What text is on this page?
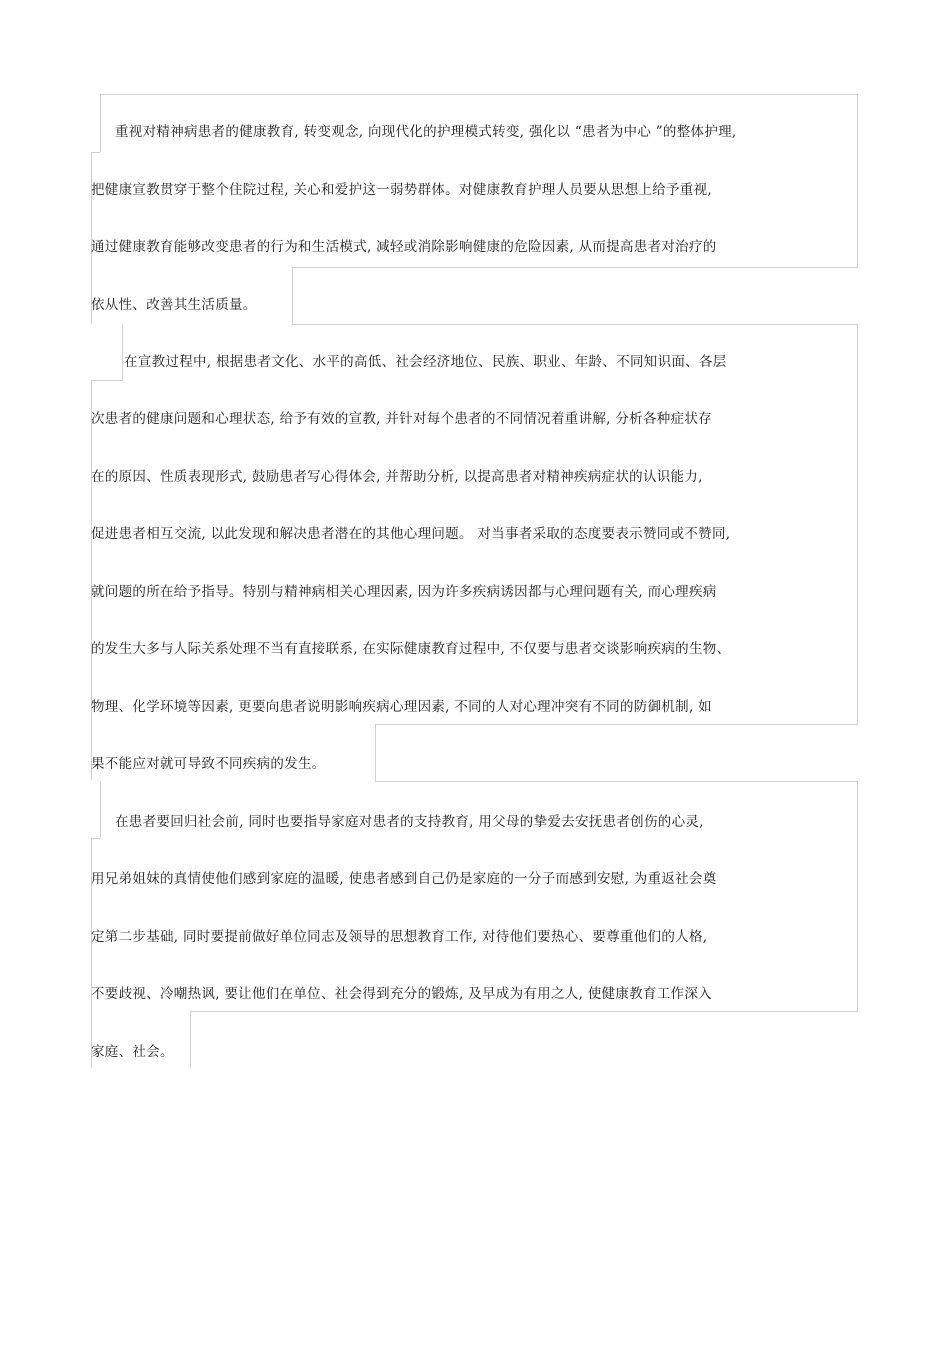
重视对精神病患者的健康教育, 转变观念, 向现代化的护理模式转变, 强化以 “患者为中心 ”的整体护理,
把健康宣教贯穿于整个住院过程, 关心和爱护这一弱势群体。对健康教育护理人员要从思想上给予重视,
通过健康教育能够改变患者的行为和生活模式, 减轻或消除影响健康的危险因素, 从而提高患者对治疗的
依从性、改善其生活质量。
在宣教过程中, 根据患者文化、水平的高低、社会经济地位、民族、职业、年龄、不同知识面、各层
次患者的健康问题和心理状态, 给予有效的宣教, 并针对每个患者的不同情况着重讲解, 分析各种症状存
在的原因、性质表现形式, 鼓励患者写心得体会, 并帮助分析, 以提高患者对精神疾病症状的认识能力,
促进患者相互交流, 以此发现和解决患者潜在的其他心理问题。 对当事者采取的态度要表示赞同或不赞同,
就问题的所在给予指导。特别与精神病相关心理因素, 因为许多疾病诱因都与心理问题有关, 而心理疾病
的发生大多与人际关系处理不当有直接联系, 在实际健康教育过程中, 不仅要与患者交谈影响疾病的生物、
物理、化学环境等因素, 更要向患者说明影响疾病心理因素, 不同的人对心理冲突有不同的防御机制, 如
果不能应对就可导致不同疾病的发生。
在患者要回归社会前, 同时也要指导家庭对患者的支持教育, 用父母的挚爱去安抚患者创伤的心灵,
用兄弟姐妹的真情使他们感到家庭的温暖, 使患者感到自己仍是家庭的一分子而感到安慰, 为重返社会奠
定第二步基础, 同时要提前做好单位同志及领导的思想教育工作, 对待他们要热心、要尊重他们的人格,
不要歧视、冷嘲热讽, 要让他们在单位、社会得到充分的锻炼, 及早成为有用之人, 使健康教育工作深入
家庭、社会。
